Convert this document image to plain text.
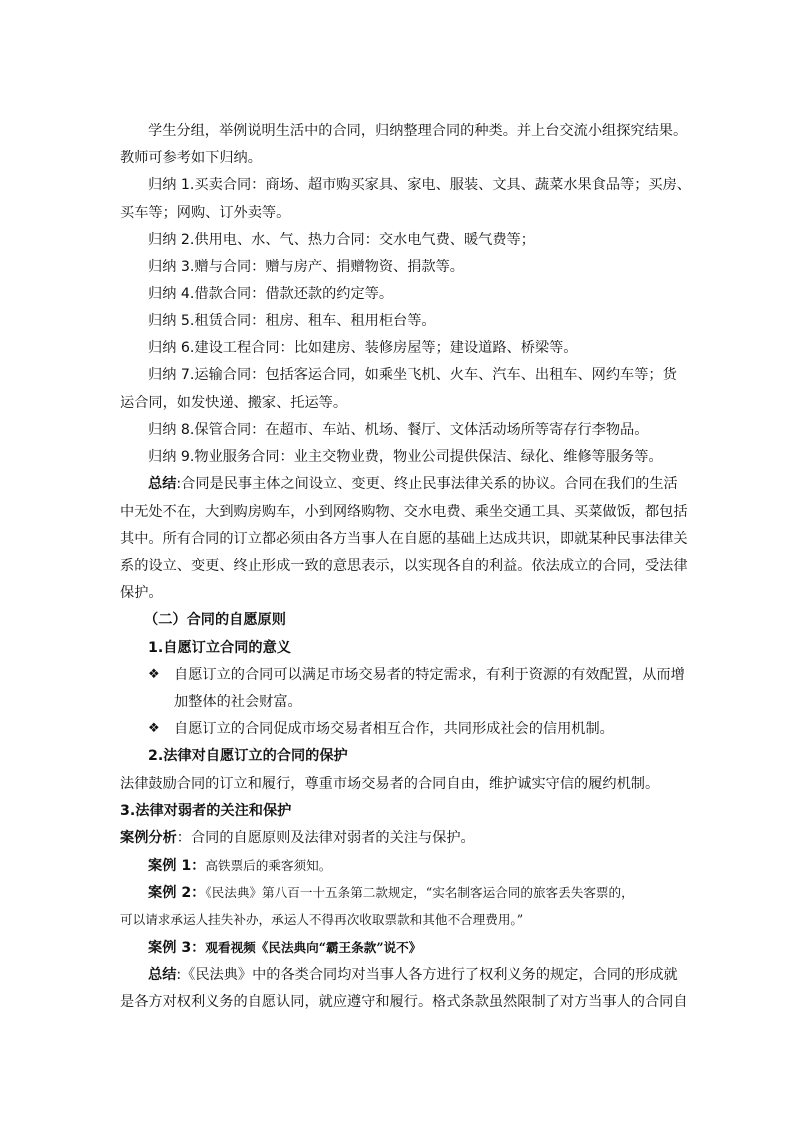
学生分组，举例说明生活中的合同，归纳整理合同的种类。并上台交流小组探究结果。
教师可参考如下归纳。
归纳 1.买卖合同：商场、超市购买家具、家电、服装、文具、蔬菜水果食品等；买房、
买车等；网购、订外卖等。
归纳 2.供用电、水、气、热力合同：交水电气费、暖气费等；
归纳 3.赠与合同：赠与房产、捐赠物资、捐款等。
归纳 4.借款合同：借款还款的约定等。
归纳 5.租赁合同：租房、租车、租用柜台等。
归纳 6.建设工程合同：比如建房、装修房屋等；建设道路、桥梁等。
归纳 7.运输合同：包括客运合同，如乘坐飞机、火车、汽车、出租车、网约车等；货
运合同，如发快递、搬家、托运等。
归纳 8.保管合同：在超市、车站、机场、餐厅、文体活动场所等寄存行李物品。
归纳 9.物业服务合同：业主交物业费，物业公司提供保洁、绿化、维修等服务等。
总结:合同是民事主体之间设立、变更、终止民事法律关系的协议。合同在我们的生活
中无处不在，大到购房购车，小到网络购物、交水电费、乘坐交通工具、买菜做饭，都包括
其中。所有合同的订立都必须由各方当事人在自愿的基础上达成共识，即就某种民事法律关
系的设立、变更、终止形成一致的意思表示，以实现各自的利益。依法成立的合同，受法律
保护。
（二）合同的自愿原则
1.自愿订立合同的意义
❖ 自愿订立的合同可以满足市场交易者的特定需求，有利于资源的有效配置，从而增
加整体的社会财富。
❖ 自愿订立的合同促成市场交易者相互合作，共同形成社会的信用机制。
2.法律对自愿订立的合同的保护
法律鼓励合同的订立和履行，尊重市场交易者的合同自由，维护诚实守信的履约机制。
3.法律对弱者的关注和保护
案例分析：合同的自愿原则及法律对弱者的关注与保护。
案例 1：高铁票后的乘客须知。
案例 2：《民法典》第八百一十五条第二款规定，“实名制客运合同的旅客丢失客票的，
可以请求承运人挂失补办，承运人不得再次收取票款和其他不合理费用。”
案例 3：观看视频《民法典向“霸王条款”说不》
总结:《民法典》中的各类合同均对当事人各方进行了权利义务的规定，合同的形成就
是各方对权利义务的自愿认同，就应遵守和履行。格式条款虽然限制了对方当事人的合同自
